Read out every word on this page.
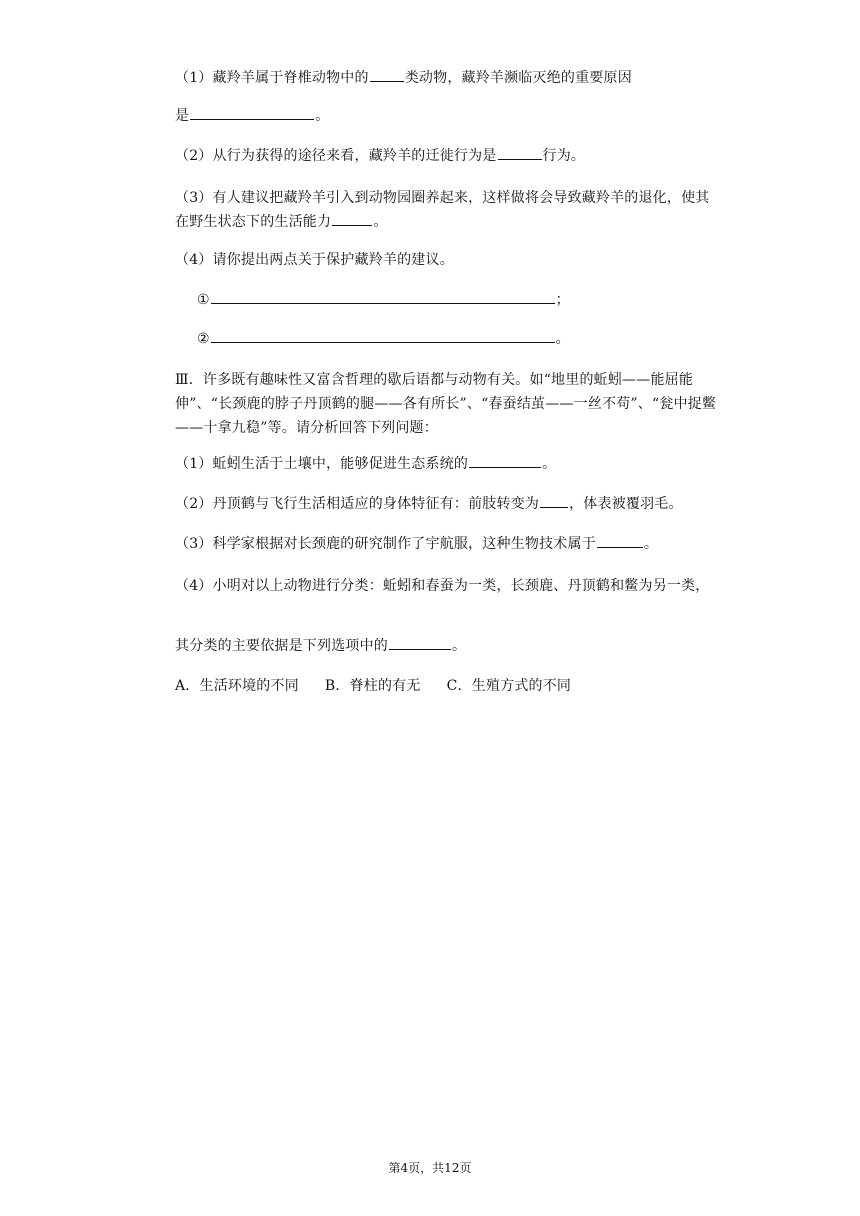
（1）藏羚羊属于脊椎动物中的	类动物，藏羚羊濒临灭绝的重要原因
是	。
（2）从行为获得的途径来看，藏羚羊的迁徙行为是	行为。
（3）有人建议把藏羚羊引入到动物园圈养起来，这样做将会导致藏羚羊的退化，使其在野生状态下的生活能力	。
（4）请你提出两点关于保护藏羚羊的建议。
①	；
②	。
Ⅲ．许多既有趣味性又富含哲理的歇后语都与动物有关。如“地里的蚯蚓——能屈能伸”、“长颈鹿的脖子丹顶鹤的腿——各有所长”、“春蚕结茧——一丝不苟”、“瓮中捉鳖——十拿九稳”等。请分析回答下列问题：
（1）蚯蚓生活于土壤中，能够促进生态系统的	。
（2）丹顶鹤与飞行生活相适应的身体特征有：前肢转变为 ，体表被覆羽毛。
（3）科学家根据对长颈鹿的研究制作了宇航服，这种生物技术属于	。
（4）小明对以上动物进行分类：蚯蚓和春蚕为一类，长颈鹿、丹顶鹤和鳖为另一类，
其分类的主要依据是下列选项中的	。
A．生活环境的不同 B．脊柱的有无 C．生殖方式的不同
第4页，共12页
